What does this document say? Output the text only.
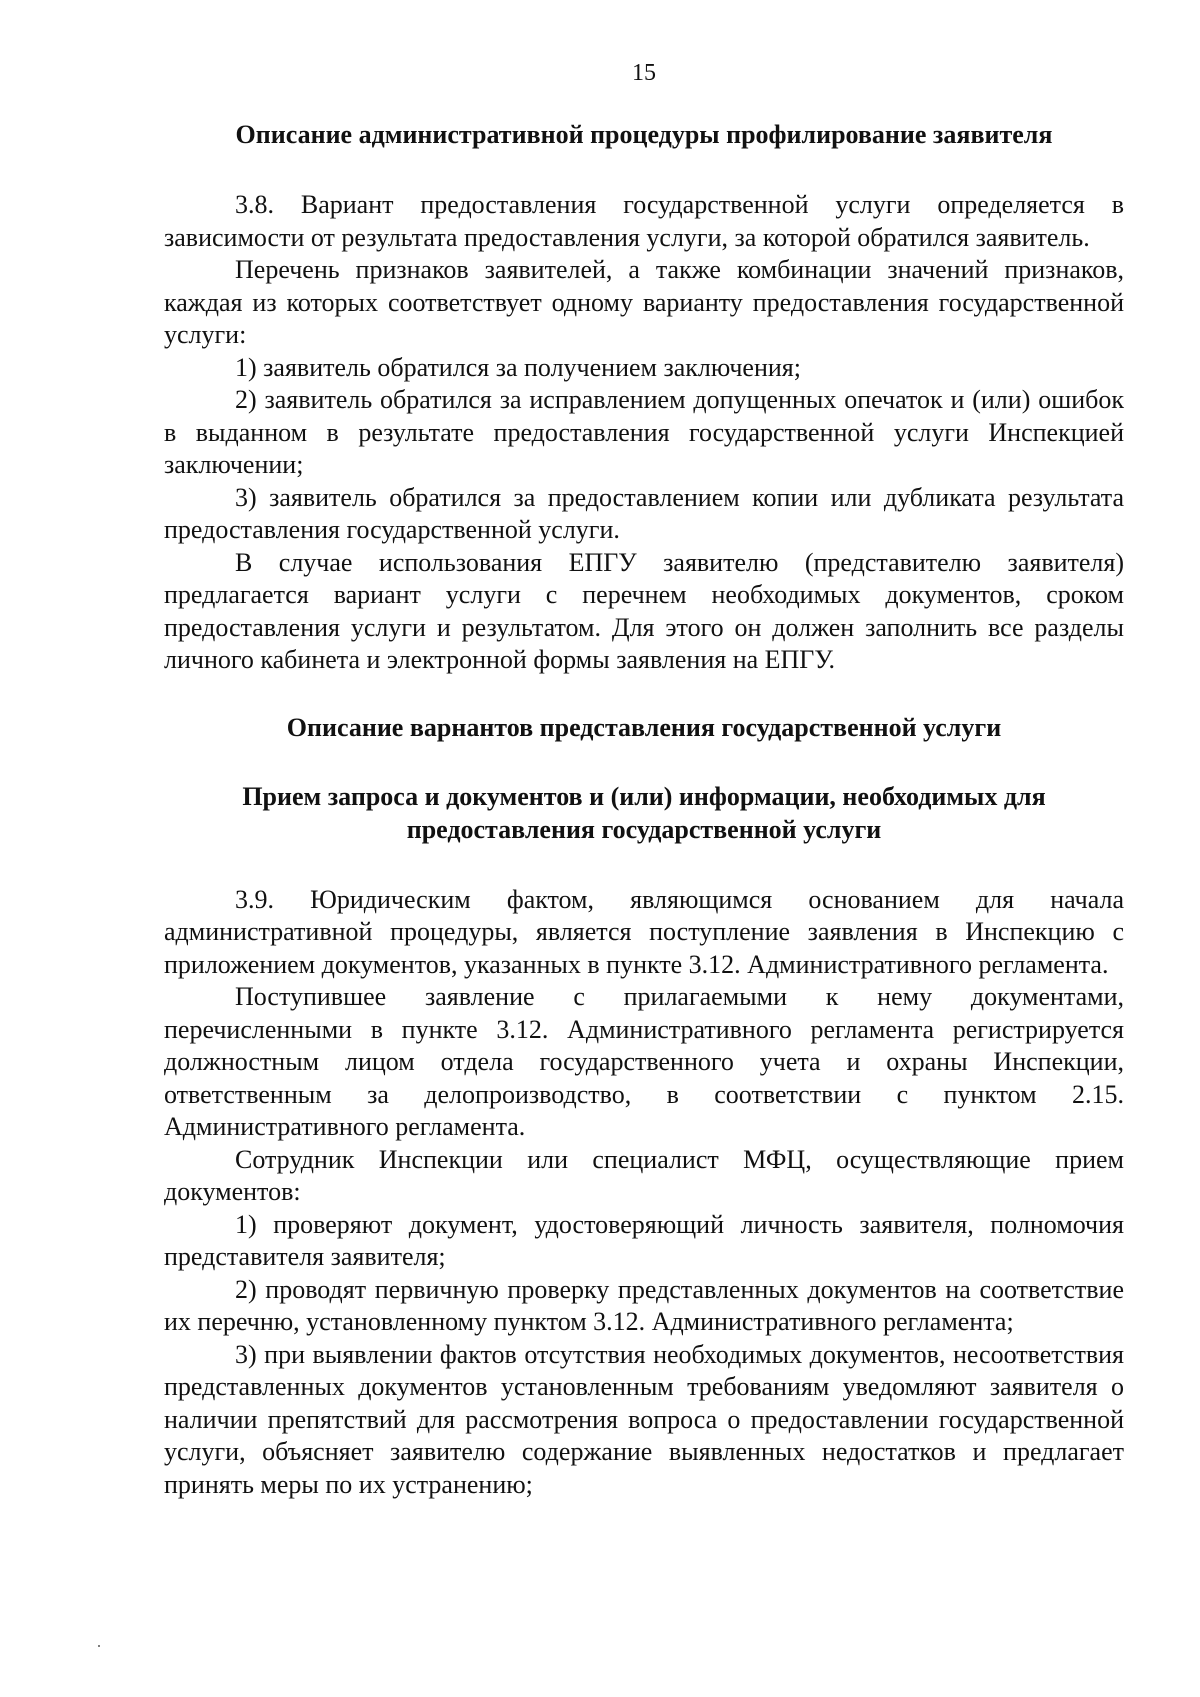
15
Описание административной процедуры профилирование заявителя

3.8. Вариант предоставления государственной услуги определяется в зависимости от результата предоставления услуги, за которой обратился заявитель.

Перечень признаков заявителей, а также комбинации значений признаков, каждая из которых соответствует одному варианту предоставления государственной услуги:

1) заявитель обратился за получением заключения;

2) заявитель обратился за исправлением допущенных опечаток и (или) ошибок в выданном в результате предоставления государственной услуги Инспекцией заключении;

3) заявитель обратился за предоставлением копии или дубликата результата предоставления государственной услуги.

В случае использования ЕПГУ заявителю (представителю заявителя) предлагается вариант услуги с перечнем необходимых документов, сроком предоставления услуги и результатом. Для этого он должен заполнить все разделы личного кабинета и электронной формы заявления на ЕПГУ.

Описание варнантов представления государственной услуги
Прием запроса и документов и (или) информации, необходимых для предоставления государственной услуги

3.9. Юридическим фактом, являющимся основанием для начала административной процедуры, является поступление заявления в Инспекцию с приложением документов, указанных в пункте 3.12. Административного регламента.

Поступившее заявление с прилагаемыми к нему документами, перечисленными в пункте 3.12. Административного регламента регистрируется должностным лицом отдела государственного учета и охраны Инспекции, ответственным за делопроизводство, в соответствии с пунктом 2.15. Административного регламента.

Сотрудник Инспекции или специалист МФЦ, осуществляющие прием документов:

1) проверяют документ, удостоверяющий личность заявителя, полномочия представителя заявителя;

2) проводят первичную проверку представленных документов на соответствие их перечню, установленному пунктом 3.12. Административного регламента;

3) при выявлении фактов отсутствия необходимых документов, несоответствия представленных документов установленным требованиям уведомляют заявителя о наличии препятствий для рассмотрения вопроса о предоставлении государственной услуги, объясняет заявителю содержание выявленных недостатков и предлагает принять меры по их устранению;
